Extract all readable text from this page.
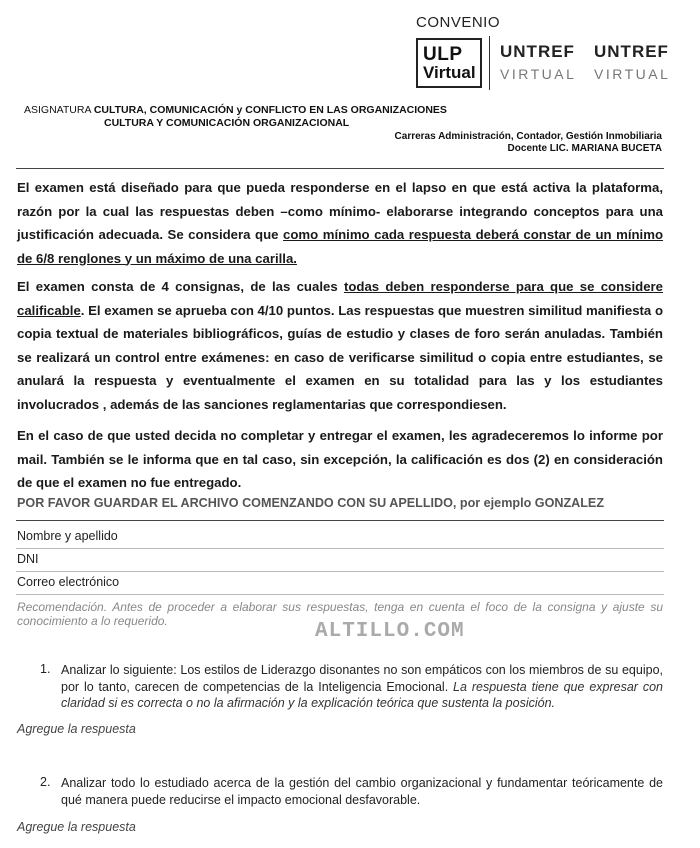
CONVENIO
ULP
Virtual
UNTREF
VIRTUAL
UNTREF
VIRTUAL
ASIGNATURA CULTURA, COMUNICACIÓN y CONFLICTO EN LAS ORGANIZACIONES
CULTURA Y COMUNICACIÓN ORGANIZACIONAL
Carreras Administración, Contador, Gestión Inmobiliaria
Docente LIC. MARIANA BUCETA
El examen está diseñado para que pueda responderse en el lapso en que está activa la plataforma, razón por la cual las respuestas deben –como mínimo- elaborarse integrando conceptos para una justificación adecuada. Se considera que como mínimo cada respuesta deberá constar de un mínimo de 6/8 renglones y un máximo de una carilla.
El examen consta de 4 consignas, de las cuales todas deben responderse para que se considere calificable. El examen se aprueba con 4/10 puntos. Las respuestas que muestren similitud manifiesta o copia textual de materiales bibliográficos, guías de estudio y clases de foro serán anuladas. También se realizará un control entre exámenes: en caso de verificarse similitud o copia entre estudiantes, se anulará la respuesta y eventualmente el examen en su totalidad para las y los estudiantes involucrados , además de las sanciones reglamentarias que correspondiesen.
En el caso de que usted decida no completar y entregar el examen, les agradeceremos lo informe por mail. También se le informa que en tal caso, sin excepción, la calificación es dos (2) en consideración de que el examen no fue entregado.
POR FAVOR GUARDAR EL ARCHIVO COMENZANDO CON SU APELLIDO, por ejemplo GONZALEZ
Nombre y apellido
DNI
Correo electrónico
Recomendación. Antes de proceder a elaborar sus respuestas, tenga en cuenta el foco de la consigna y ajuste su conocimiento a lo requerido.	ALTILLO.COM
1. Analizar lo siguiente: Los estilos de Liderazgo disonantes no son empáticos con los miembros de su equipo, por lo tanto, carecen de competencias de la Inteligencia Emocional. La respuesta tiene que expresar con claridad si es correcta o no la afirmación y la explicación teórica que sustenta la posición.
Agregue la respuesta
2. Analizar todo lo estudiado acerca de la gestión del cambio organizacional y fundamentar teóricamente de qué manera puede reducirse el impacto emocional desfavorable.
Agregue la respuesta
